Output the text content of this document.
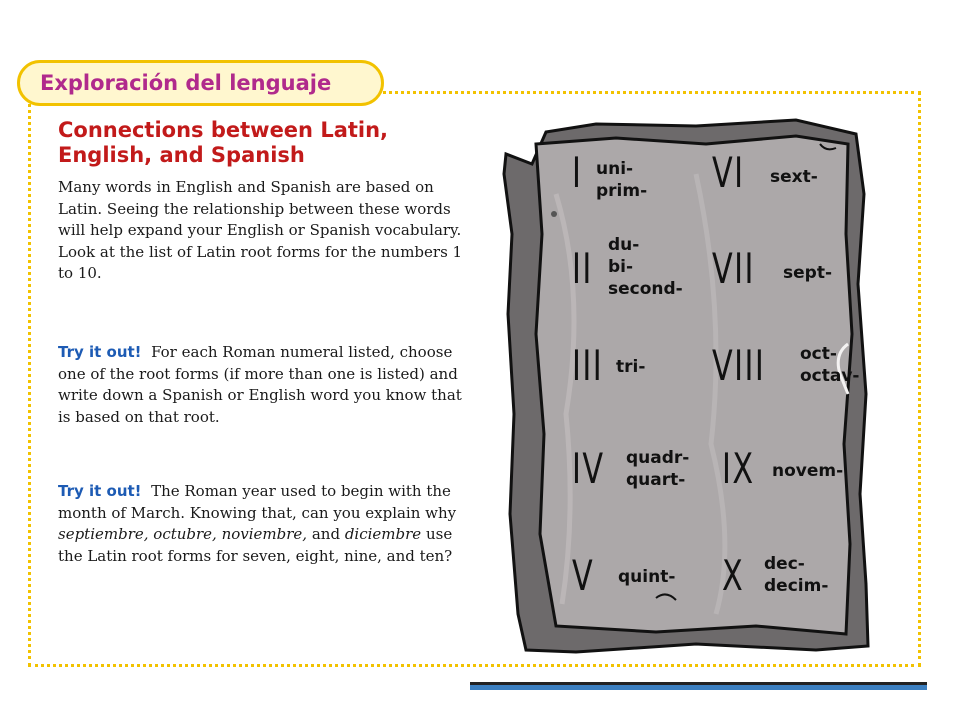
Exploración del lenguaje
Connections between Latin, English, and Spanish
Many words in English and Spanish are based on Latin. Seeing the relationship between these words will help expand your English or Spanish vocabulary. Look at the list of Latin root forms for the numbers 1 to 10.
Try it out! For each Roman numeral listed, choose one of the root forms (if more than one is listed) and write down a Spanish or English word you know that is based on that root.
Try it out! The Roman year used to begin with the month of March. Knowing that, can you explain why septiembre, octubre, noviembre, and diciembre use the Latin root forms for seven, eight, nine, and ten?
I uni-
prim-
II du-
bi-
second-
III tri-
IV quadr-
quart-
V quint-
VI sext-
VII sept-
VIII oct-
octav-
IX novem-
X dec-
decim-
